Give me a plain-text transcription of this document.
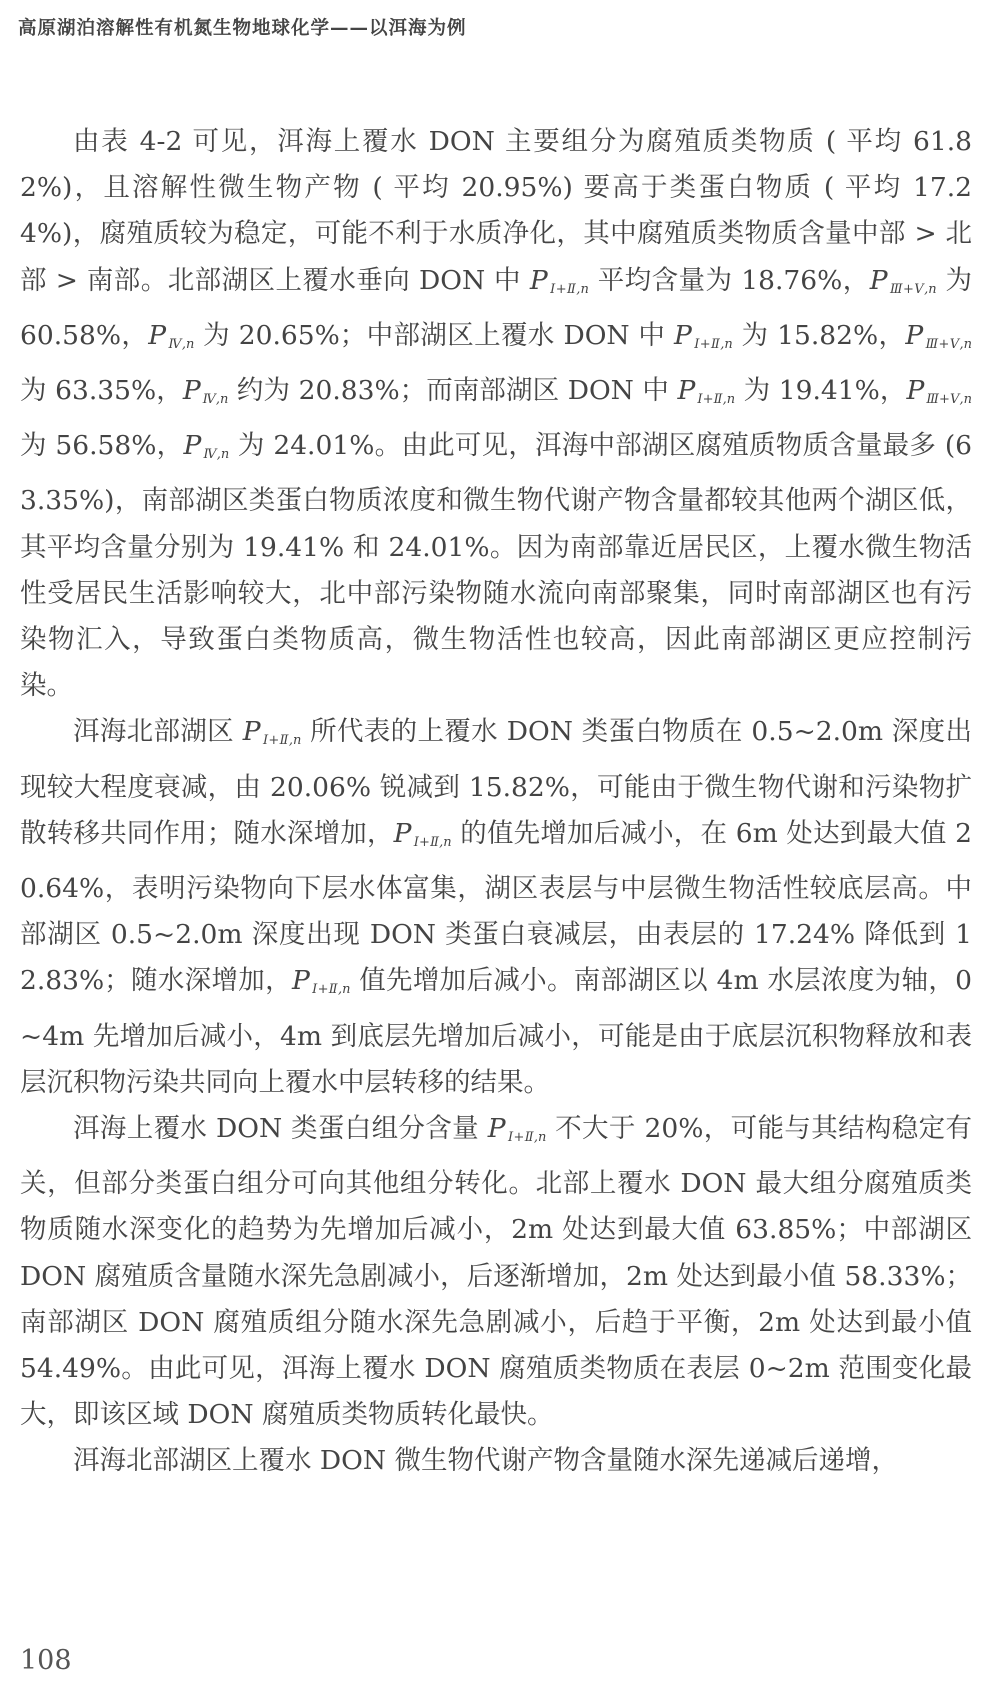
高原湖泊溶解性有机氮生物地球化学——以洱海为例

由表 4-2 可见，洱海上覆水 DON 主要组分为腐殖质类物质 ( 平均 61.82%)，且溶解性微生物产物 ( 平均 20.95%) 要高于类蛋白物质 ( 平均 17.24%)，腐殖质较为稳定，可能不利于水质净化，其中腐殖质类物质含量中部 > 北部 > 南部。北部湖区上覆水垂向 DON 中 P $_{Ⅰ+Ⅱ,n}$ 平均含量为 18.76%，P $_{Ⅲ+Ⅴ,n}$ 为 60.58%，P $_{Ⅳ,n}$ 为 20.65%；中部湖区上覆水 DON 中 P $_{Ⅰ+Ⅱ,n}$ 为 15.82%，P $_{Ⅲ+Ⅴ,n}$ 为 63.35%，P $_{Ⅳ,n}$ 约为 20.83%；而南部湖区 DON 中 P $_{Ⅰ+Ⅱ,n}$ 为 19.41%，P $_{Ⅲ+Ⅴ,n}$ 为 56.58%，P $_{Ⅳ,n}$ 为 24.01%。由此可见，洱海中部湖区腐殖质物质含量最多 (63.35%)，南部湖区类蛋白物质浓度和微生物代谢产物含量都较其他两个湖区低，其平均含量分别为 19.41% 和 24.01%。因为南部靠近居民区，上覆水微生物活性受居民生活影响较大，北中部污染物随水流向南部聚集，同时南部湖区也有污染物汇入，导致蛋白类物质高，微生物活性也较高，因此南部湖区更应控制污染。

洱海北部湖区 P $_{Ⅰ+Ⅱ,n}$ 所代表的上覆水 DON 类蛋白物质在 0.5~2.0m 深度出现较大程度衰减，由 20.06% 锐减到 15.82%，可能由于微生物代谢和污染物扩散转移共同作用；随水深增加，P $_{Ⅰ+Ⅱ,n}$ 的值先增加后减小，在 6m 处达到最大值 20.64%，表明污染物向下层水体富集，湖区表层与中层微生物活性较底层高。中部湖区 0.5~2.0m 深度出现 DON 类蛋白衰减层，由表层的 17.24% 降低到 12.83%；随水深增加，P $_{Ⅰ+Ⅱ,n}$ 值先增加后减小。南部湖区以 4m 水层浓度为轴，0~4m 先增加后减小，4m 到底层先增加后减小，可能是由于底层沉积物释放和表层沉积物污染共同向上覆水中层转移的结果。

洱海上覆水 DON 类蛋白组分含量 P $_{Ⅰ+Ⅱ,n}$ 不大于 20%，可能与其结构稳定有关，但部分类蛋白组分可向其他组分转化。北部上覆水 DON 最大组分腐殖质类物质随水深变化的趋势为先增加后减小，2m 处达到最大值 63.85%；中部湖区 DON 腐殖质含量随水深先急剧减小，后逐渐增加，2m 处达到最小值 58.33%；南部湖区 DON 腐殖质组分随水深先急剧减小，后趋于平衡，2m 处达到最小值 54.49%。由此可见，洱海上覆水 DON 腐殖质类物质在表层 0~2m 范围变化最大，即该区域 DON 腐殖质类物质转化最快。

洱海北部湖区上覆水 DON 微生物代谢产物含量随水深先递减后递增，

108
